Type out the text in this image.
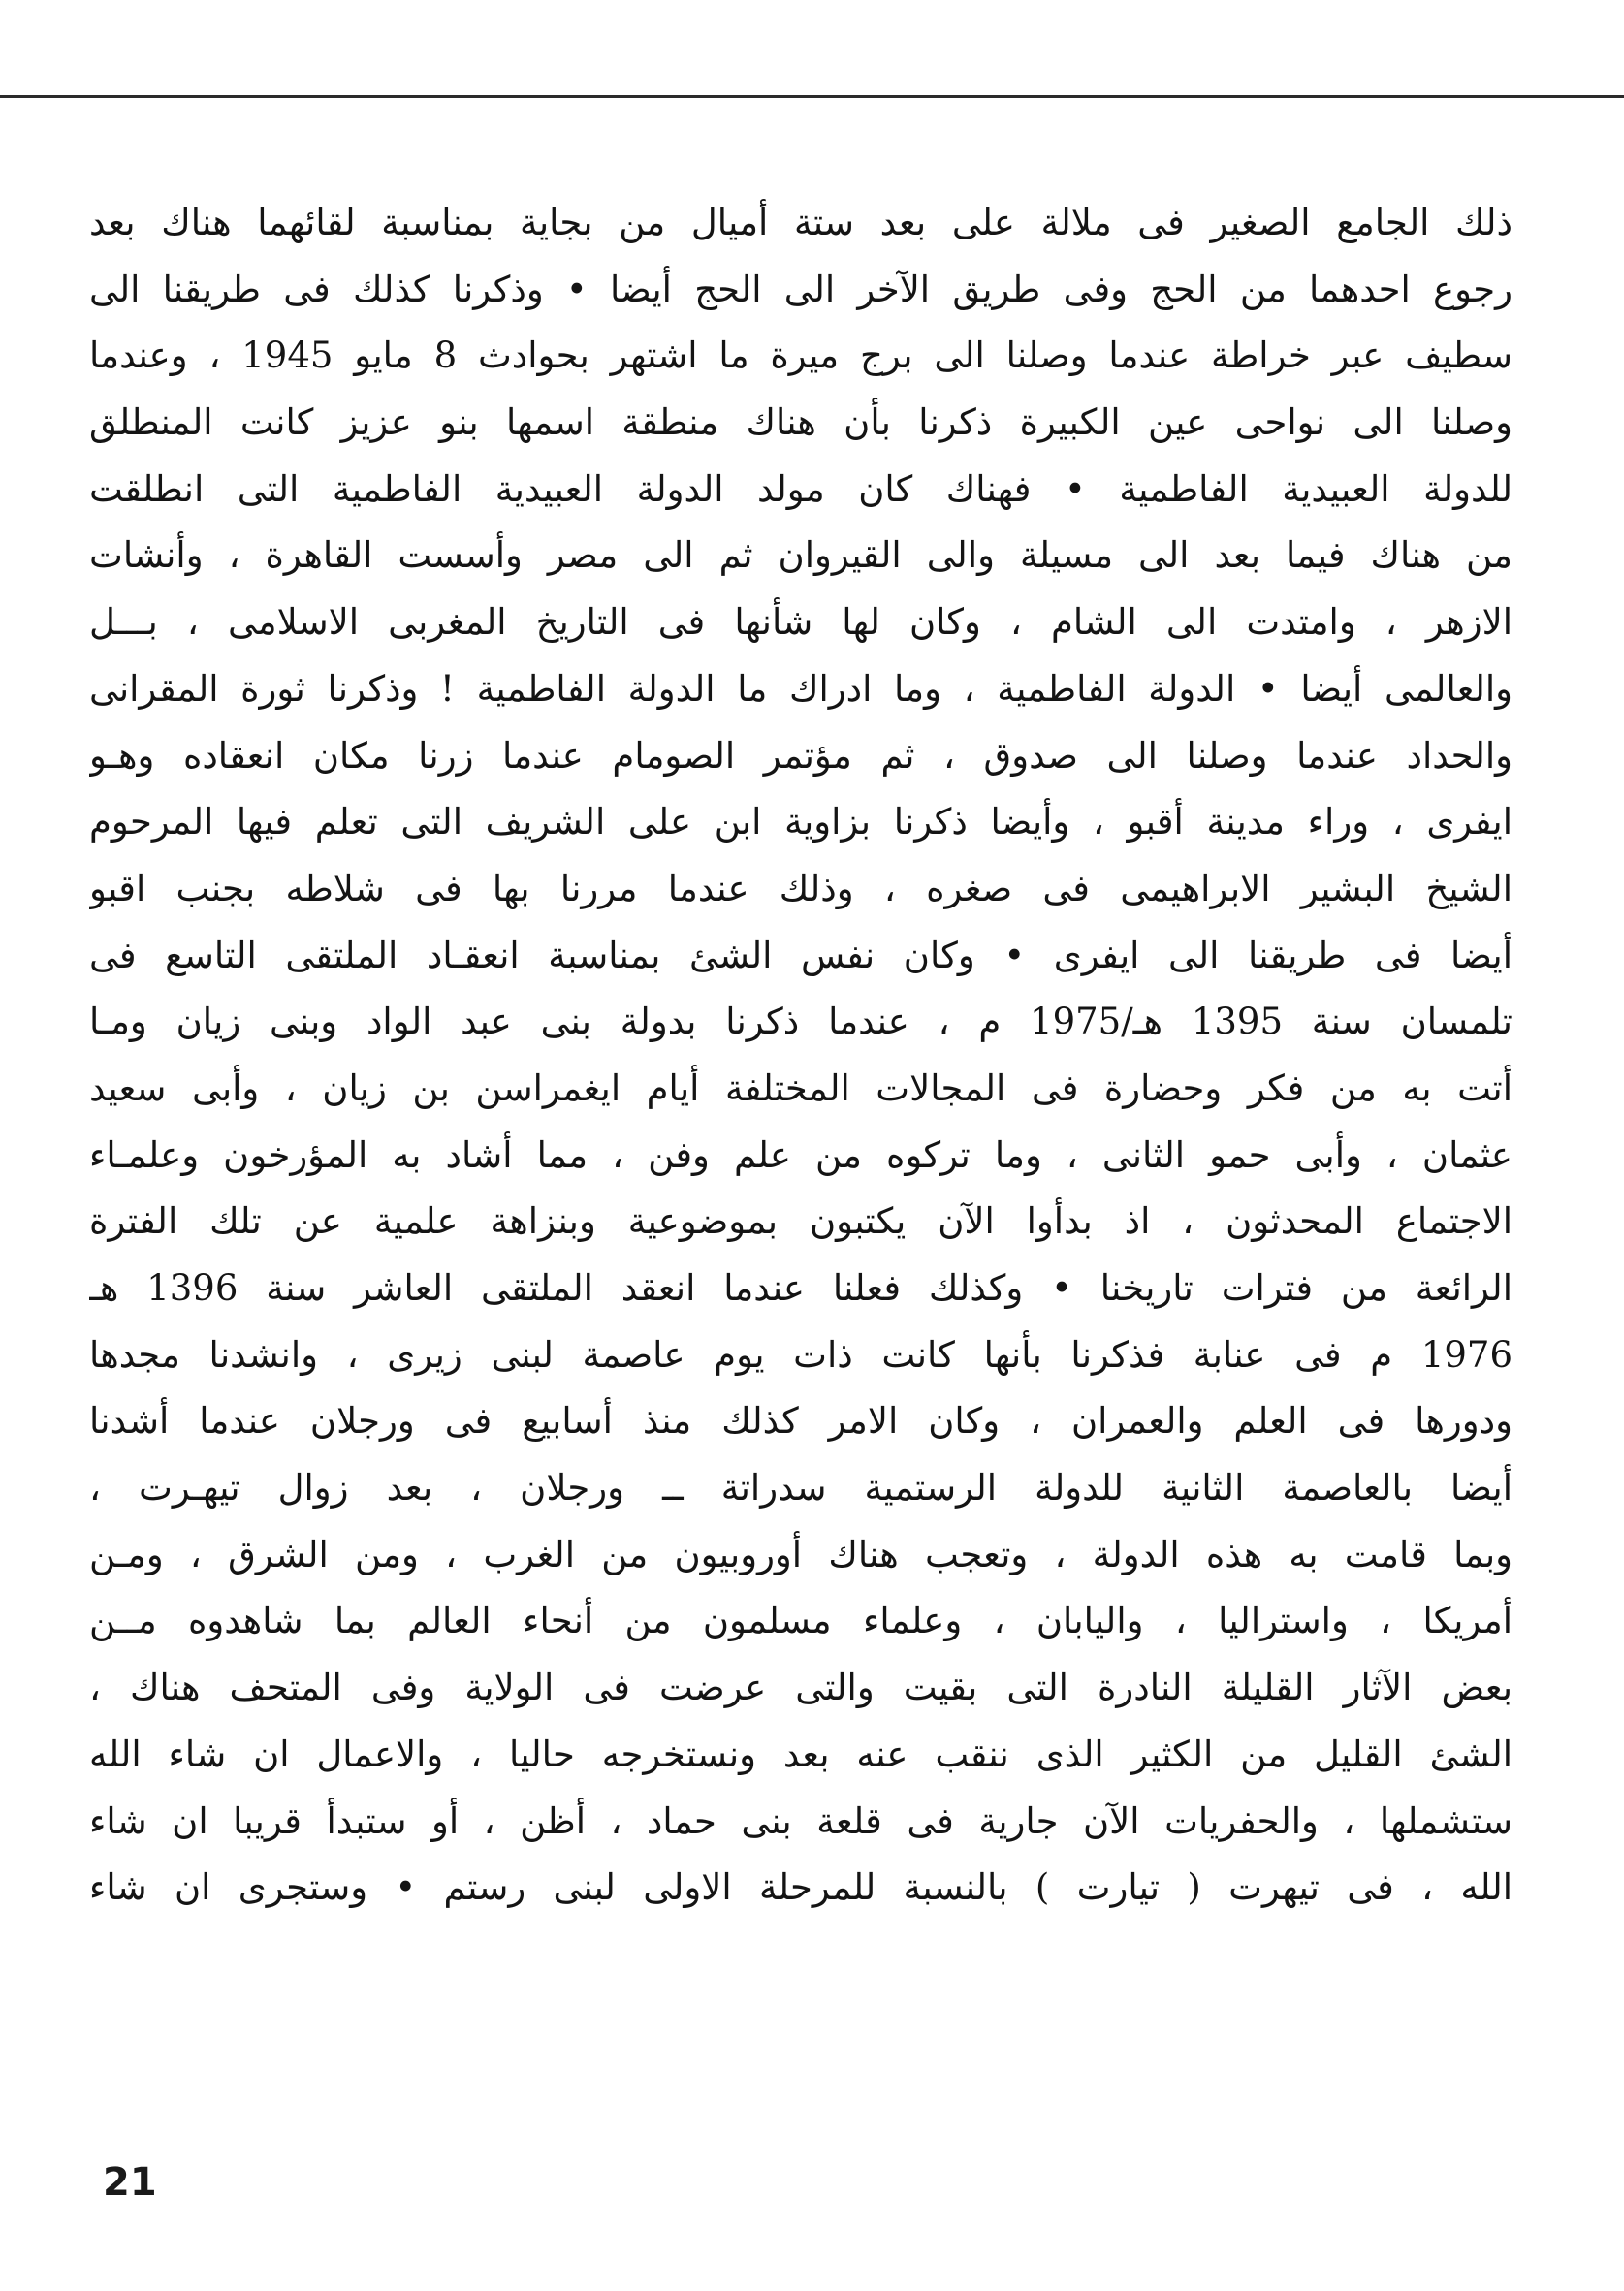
ذلك الجامع الصغير فى ملالة على بعد ستة أميال من بجاية بمناسبة لقائهما هناك بعد
رجوع احدهما من الحج وفى طريق الآخر الى الحج أيضا • وذكرنا كذلك فى طريقنا الى
سطيف عبر خراطة عندما وصلنا الى برج ميرة ما اشتهر بحوادث 8 مايو 1945 ، وعندما
وصلنا الى نواحى عين الكبيرة ذكرنا بأن هناك منطقة اسمها بنو عزيز كانت المنطلق
للدولة العبيدية الفاطمية • فهناك كان مولد الدولة العبيدية الفاطمية التى انطلقت
من هناك فيما بعد الى مسيلة والى القيروان ثم الى مصر وأسست القاهرة ، وأنشات
الازهر ، وامتدت الى الشام ، وكان لها شأنها فى التاريخ المغربى الاسلامى ، بـــل
والعالمى أيضا • الدولة الفاطمية ، وما ادراك ما الدولة الفاطمية ! وذكرنا ثورة المقرانى
والحداد عندما وصلنا الى صدوق ، ثم مؤتمر الصومام عندما زرنا مكان انعقاده وهـو
ايفرى ، وراء مدينة أقبو ، وأيضا ذكرنا بزاوية ابن على الشريف التى تعلم فيها المرحوم
الشيخ البشير الابراهيمى فى صغره ، وذلك عندما مررنا بها فى شلاطه بجنب اقبو
أيضا فى طريقنا الى ايفرى • وكان نفس الشئ بمناسبة انعقـاد الملتقى التاسع فى
تلمسان سنة 1395 هـ/1975 م ، عندما ذكرنا بدولة بنى عبد الواد وبنى زيان ومـا
أتت به من فكر وحضارة فى المجالات المختلفة أيام ايغمراسن بن زيان ، وأبى سعيد
عثمان ، وأبى حمو الثانى ، وما تركوه من علم وفن ، مما أشاد به المؤرخون وعلمـاء
الاجتماع المحدثون ، اذ بدأوا الآن يكتبون بموضوعية وبنزاهة علمية عن تلك الفترة
الرائعة من فترات تاريخنا • وكذلك فعلنا عندما انعقد الملتقى العاشر سنة 1396 هـ
1976 م فى عنابة فذكرنا بأنها كانت ذات يوم عاصمة لبنى زيرى ، وانشدنا مجدها
ودورها فى العلم والعمران ، وكان الامر كذلك منذ أسابيع فى ورجلان عندما أشدنا
أيضا بالعاصمة الثانية للدولة الرستمية سدراتة ــ ورجلان ، بعد زوال تيهـرت ،
وبما قامت به هذه الدولة ، وتعجب هناك أوروبيون من الغرب ، ومن الشرق ، ومـن
أمريكا ، واستراليا ، واليابان ، وعلماء مسلمون من أنحاء العالم بما شاهدوه مــن
بعض الآثار القليلة النادرة التى بقيت والتى عرضت فى الولاية وفى المتحف هناك ،
الشئ القليل من الكثير الذى ننقب عنه بعد ونستخرجه حاليا ، والاعمال ان شاء الله
ستشملها ، والحفريات الآن جارية فى قلعة بنى حماد ، أظن ، أو ستبدأ قريبا ان شاء
الله ، فى تيهرت ( تيارت ) بالنسبة للمرحلة الاولى لبنى رستم • وستجرى ان شاء
21
